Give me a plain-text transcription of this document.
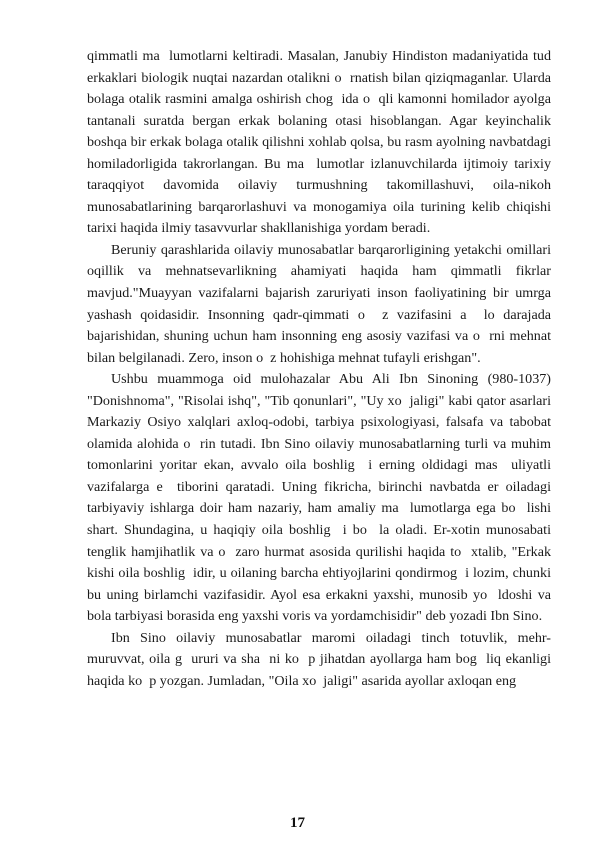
qimmatli ma  lumotlarni keltiradi. Masalan, Janubiy Hindiston madaniyatida tud erkaklari biologik nuqtai nazardan otalikni o  rnatish bilan qiziqmaganlar. Ularda bolaga otalik rasmini amalga oshirish chog  ida o  qli kamonni homilador ayolga tantanali suratda bergan erkak bolaning otasi hisoblangan. Agar keyinchalik boshqa bir erkak bolaga otalik qilishni xohlab qolsa, bu rasm ayolning navbatdagi homiladorligida takrorlangan. Bu ma  lumotlar izlanuvchilarda ijtimoiy tarixiy taraqqiyot davomida oilaviy turmushning takomillashuvi, oila-nikoh munosabatlarining barqarorlashuvi va monogamiya oila turining kelib chiqishi tarixi haqida ilmiy tasavvurlar shakllanishiga yordam beradi.

Beruniy qarashlarida oilaviy munosabatlar barqarorligining yetakchi omillari oqillik va mehnatsevarlikning ahamiyati haqida ham qimmatli fikrlar mavjud."Muayyan vazifalarni bajarish zaruriyati inson faoliyatining bir umrga yashash qoidasidir. Insonning qadr-qimmati o  z vazifasini a  lo darajada bajarishidan, shuning uchun ham insonning eng asosiy vazifasi va o  rni mehnat bilan belgilanadi. Zero, inson o  z hohishiga mehnat tufayli erishgan".

Ushbu muammoga oid mulohazalar Abu Ali Ibn Sinoning (980-1037) "Donishnoma", "Risolai ishq", "Tib qonunlari", "Uy xo  jaligi" kabi qator asarlari Markaziy Osiyo xalqlari axloq-odobi, tarbiya psixologiyasi, falsafa va tabobat olamida alohida o  rin tutadi. Ibn Sino oilaviy munosabatlarning turli va muhim tomonlarini yoritar ekan, avvalo oila boshlig  i erning oldidagi mas  uliyatli vazifalarga e  tiborini qaratadi. Uning fikricha, birinchi navbatda er oiladagi tarbiyaviy ishlarga doir ham nazariy, ham amaliy ma  lumotlarga ega bo  lishi shart. Shundagina, u haqiqiy oila boshlig  i bo  la oladi. Er-xotin munosabati tenglik hamjihatlik va o  zaro hurmat asosida qurilishi haqida to  xtalib, "Erkak kishi oila boshlig  idir, u oilaning barcha ehtiyojlarini qondirmog  i lozim, chunki bu uning birlamchi vazifasidir. Ayol esa erkakni yaxshi, munosib yo  ldoshi va bola tarbiyasi borasida eng yaxshi voris va yordamchisidir" deb yozadi Ibn Sino.

Ibn Sino oilaviy munosabatlar maromi oiladagi tinch totuvlik, mehr-muruvvat, oila g  ururi va sha  ni ko  p jihatdan ayollarga ham bog  liq ekanligi haqida ko  p yozgan. Jumladan, "Oila xo  jaligi" asarida ayollar axloqan eng

17
